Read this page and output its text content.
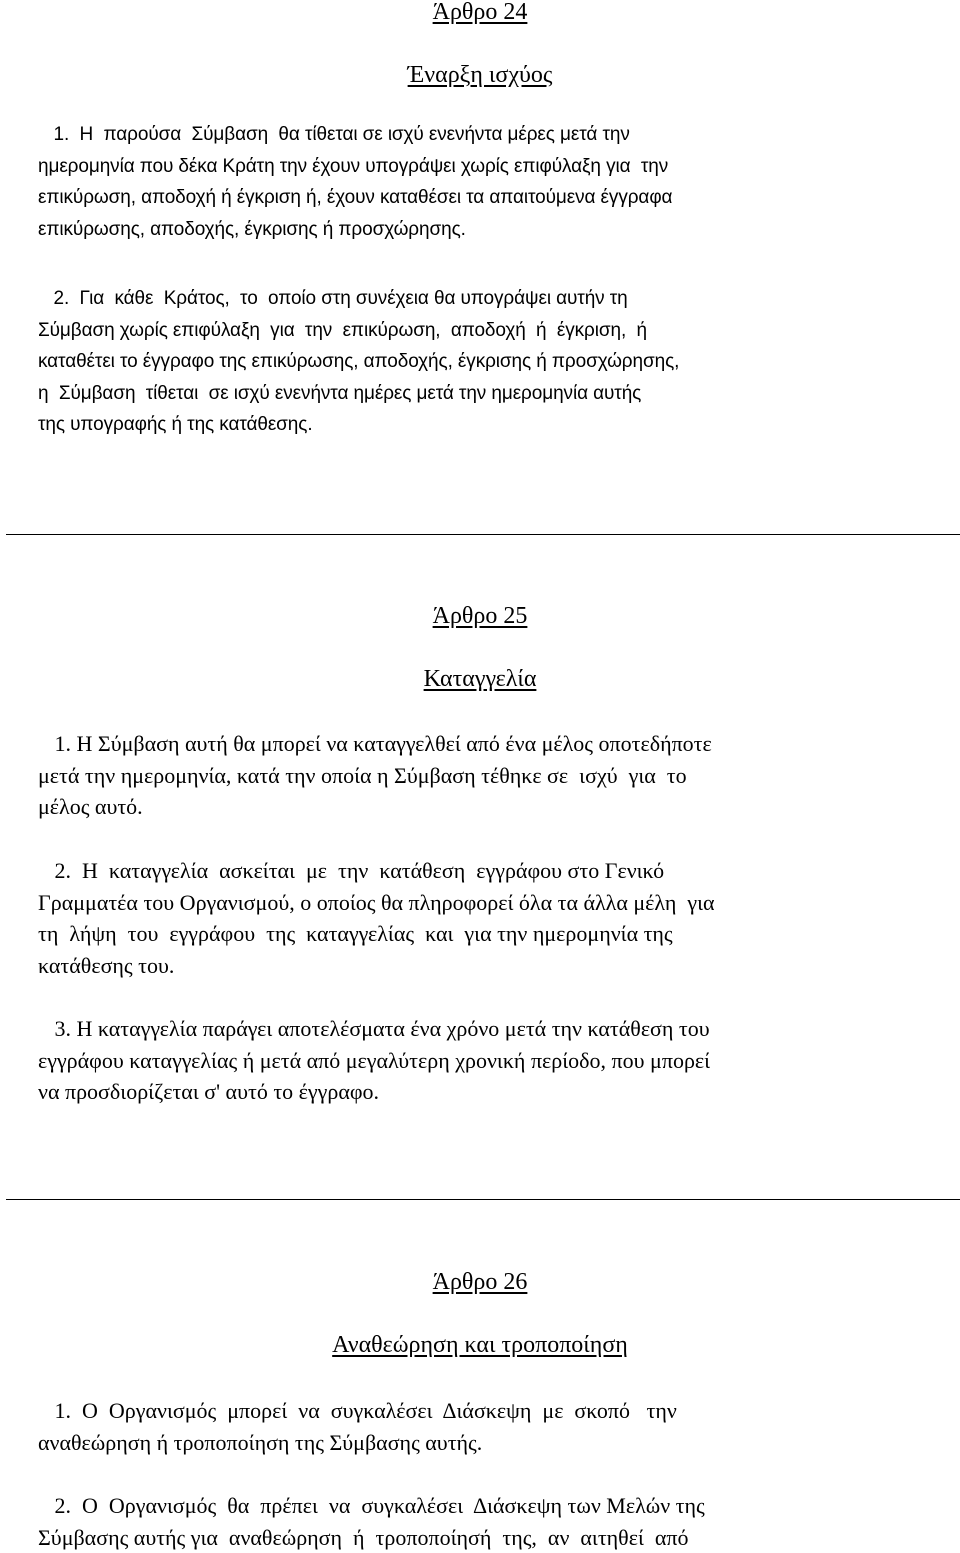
Άρθρο 24
Έναρξη ισχύος
1.  Η  παρούσα  Σύμβαση  θα τίθεται σε ισχύ ενενήντα μέρες μετά την
ημερομηνία που δέκα Κράτη την έχουν υπογράψει χωρίς επιφύλαξη για  την
επικύρωση, αποδοχή ή έγκριση ή, έχουν καταθέσει τα απαιτούμενα έγγραφα
επικύρωσης, αποδοχής, έγκρισης ή προσχώρησης.
2.  Για  κάθε  Κράτος,  το  οποίο στη συνέχεια θα υπογράψει αυτήν τη
Σύμβαση χωρίς επιφύλαξη  για  την  επικύρωση,  αποδοχή  ή  έγκριση,  ή
καταθέτει το έγγραφο της επικύρωσης, αποδοχής, έγκρισης ή προσχώρησης,
η  Σύμβαση  τίθεται  σε ισχύ ενενήντα ημέρες μετά την ημερομηνία αυτής
της υπογραφής ή της κατάθεσης.
Άρθρο 25
Καταγγελία
1. Η Σύμβαση αυτή θα μπορεί να καταγγελθεί από ένα μέλος οποτεδήποτε
μετά την ημερομηνία, κατά την οποία η Σύμβαση τέθηκε σε  ισχύ  για  το
μέλος αυτό.
2.  Η  καταγγελία  ασκείται  με  την  κατάθεση  εγγράφου στο Γενικό
Γραμματέα του Οργανισμού, ο οποίος θα πληροφορεί όλα τα άλλα μέλη  για
τη  λήψη  του  εγγράφου  της  καταγγελίας  και  για την ημερομηνία της
κατάθεσης του.
3. Η καταγγελία παράγει αποτελέσματα ένα χρόνο μετά την κατάθεση του
εγγράφου καταγγελίας ή μετά από μεγαλύτερη χρονική περίοδο, που μπορεί
να προσδιορίζεται σ' αυτό το έγγραφο.
Άρθρο 26
Αναθεώρηση και τροποποίηση
1.  Ο  Οργανισμός  μπορεί  να  συγκαλέσει  Διάσκεψη  με  σκοπό   την
αναθεώρηση ή τροποποίηση της Σύμβασης αυτής.
2.  Ο  Οργανισμός  θα  πρέπει  να  συγκαλέσει  Διάσκεψη των Μελών της
Σύμβασης αυτής για  αναθεώρηση  ή  τροποποίησή  της,  αν  αιτηθεί  από
